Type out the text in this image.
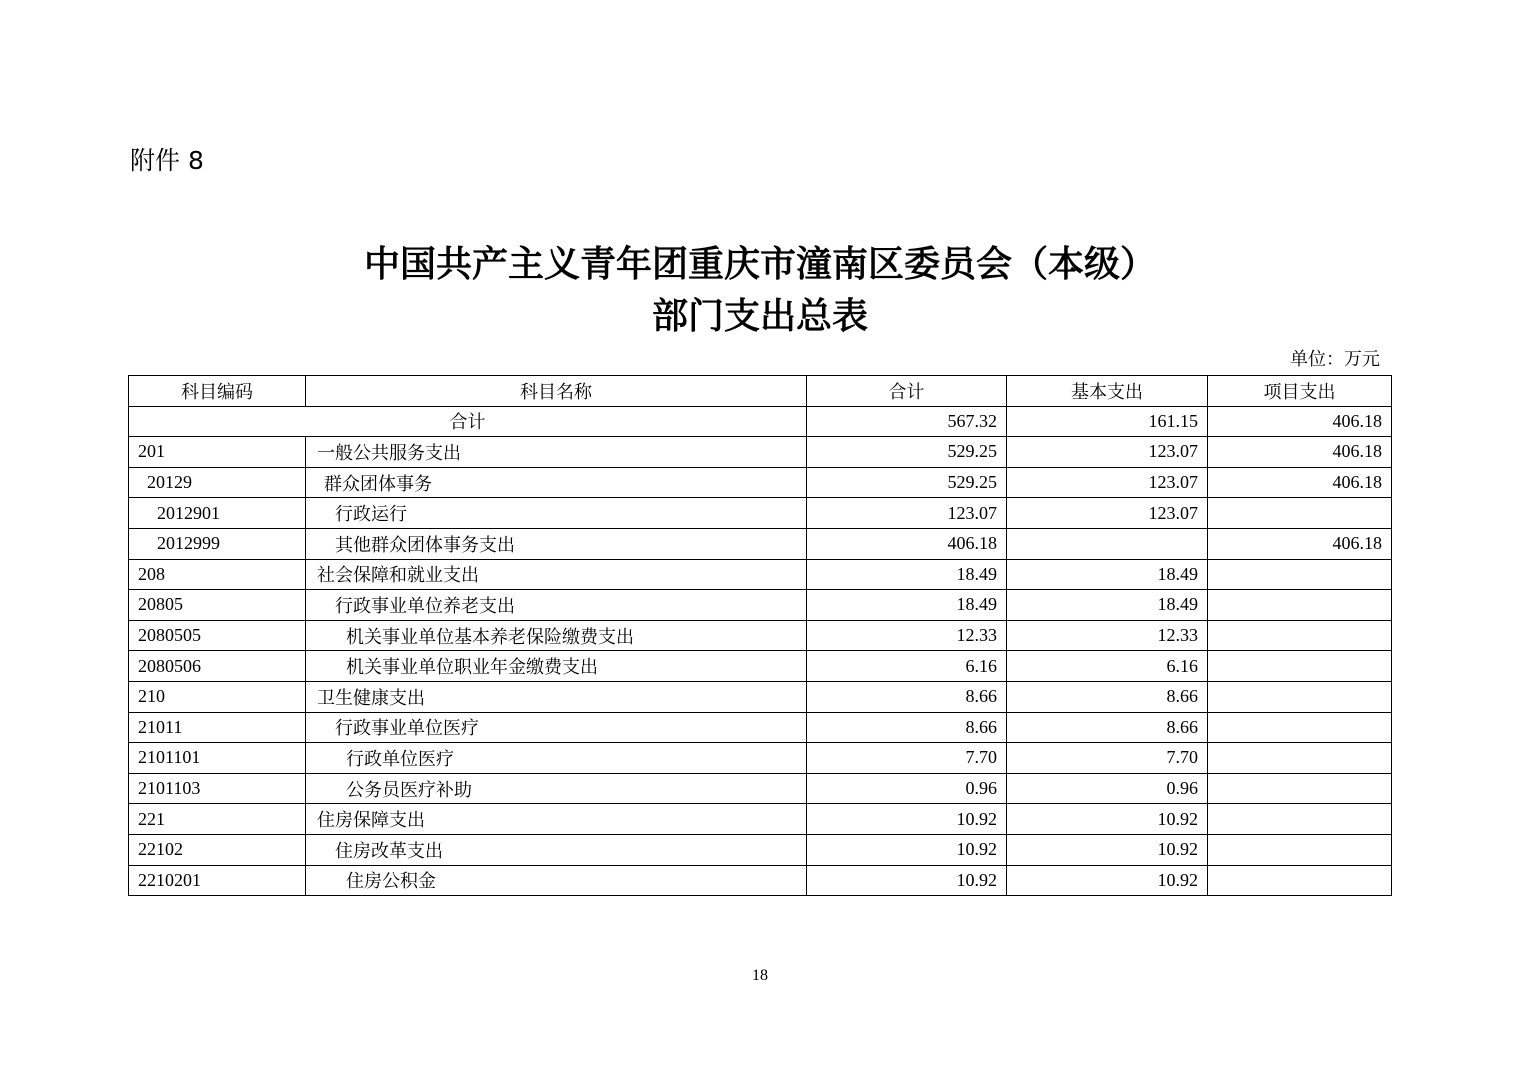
附件 8

中国共产主义青年团重庆市潼南区委员会（本级）
部门支出总表
单位：万元
科目编码	科目名称	合计	基本支出	项目支出
合计		567.32	161.15	406.18
201	一般公共服务支出	529.25	123.07	406.18
20129	群众团体事务	529.25	123.07	406.18
2012901	行政运行	123.07	123.07	
2012999	其他群众团体事务支出	406.18		406.18
208	社会保障和就业支出	18.49	18.49	
20805	行政事业单位养老支出	18.49	18.49	
2080505	机关事业单位基本养老保险缴费支出	12.33	12.33	
2080506	机关事业单位职业年金缴费支出	6.16	6.16	
210	卫生健康支出	8.66	8.66	
21011	行政事业单位医疗	8.66	8.66	
2101101	行政单位医疗	7.70	7.70	
2101103	公务员医疗补助	0.96	0.96	
221	住房保障支出	10.92	10.92	
22102	住房改革支出	10.92	10.92	
2210201	住房公积金	10.92	10.92	
18
